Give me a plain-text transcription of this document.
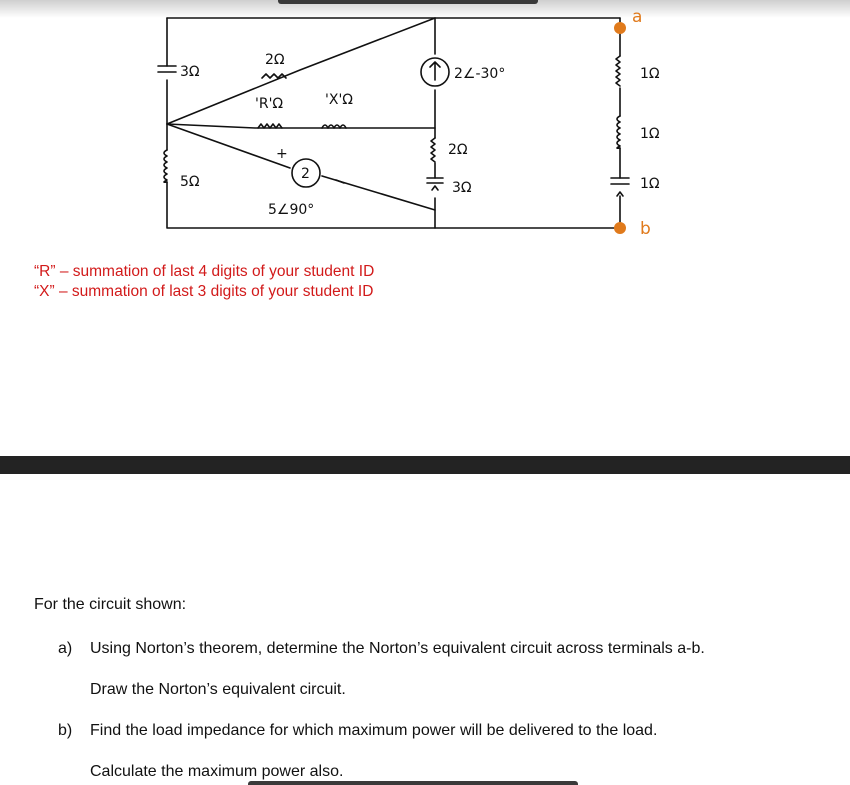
a
b
3Ω
2Ω
'R'Ω	'X'Ω
5Ω
+
2
5∠90°
2∠-30°
2Ω
3Ω
1Ω
1Ω
1Ω
“R” – summation of last 4 digits of your student ID
“X” – summation of last 3 digits of your student ID
For the circuit shown:
a) Using Norton’s theorem, determine the Norton’s equivalent circuit across terminals a-b.
Draw the Norton’s equivalent circuit.
b) Find the load impedance for which maximum power will be delivered to the load.
Calculate the maximum power also.
